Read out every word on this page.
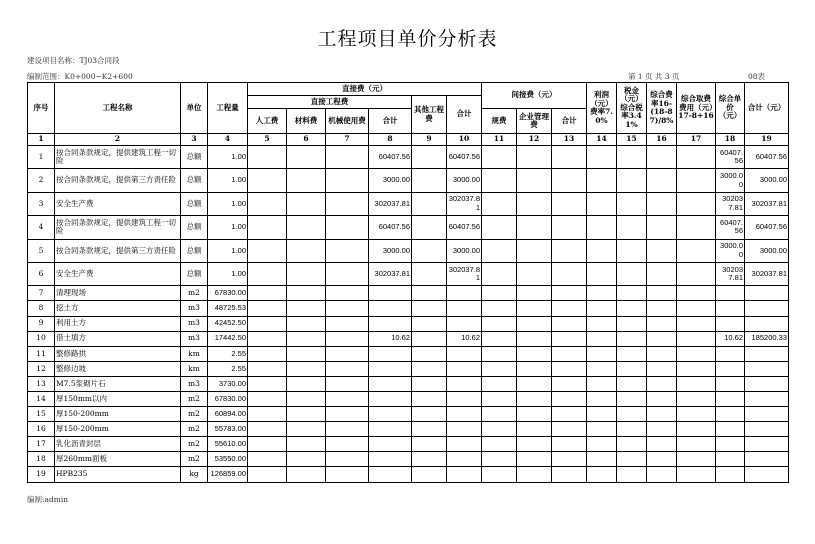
工程项目单价分析表
建设项目名称：TJ03合同段
编制范围：K0+000~K2+600	第 1 页 共 3 页	08表
序号	工程名称	单位	工程量	直接费（元）						间接费（元）			利润（元）费率7.0%	税金（元）综合税率3.41%	综合费率16-(18-87)/8%	综合取费费用（元）17-8+16	综合单价（元）	合计（元）
				直接工程费				其他工程费	合计									
				人工费	材料费	机械使用费	合计			规费	企业管理费	合计						
1	2	3	4	5	6	7	8	9	10	11	12	13	14	15	16	17	18	19
1	按合同条款规定，提供建筑工程一切险	总额	1.00				60407.56		60407.56								60407.56	60407.56
2	按合同条款规定，提供第三方责任险	总额	1.00				3000.00		3000.00								3000.00	3000.00
3	安全生产费	总额	1.00				302037.81		302037.81								302037.81	302037.81
4	按合同条款规定，提供建筑工程一切险	总额	1.00				60407.56		60407.56								60407.56	60407.56
5	按合同条款规定，提供第三方责任险	总额	1.00				3000.00		3000.00								3000.00	3000.00
6	安全生产费	总额	1.00				302037.81		302037.81								302037.81	302037.81
7	清理现场	m2	67830.00															
8	挖土方	m3	48725.53															
9	利用土方	m3	42452.50															
10	借土填方	m3	17442.50				10.62		10.62								10.62	185200.33
11	整修路拱	km	2.55															
12	整修边坡	km	2.55															
13	M7.5浆砌片石	m3	3730.00															
14	厚150mm以内	m2	67830.00															
15	厚150-200mm	m2	60894.00															
16	厚150-200mm	m2	55783.00															
17	乳化沥青封层	m2	55610.00															
18	厚260mm面板	m2	53550.00															
19	HPB235	kg	126859.00															
编制:admin
